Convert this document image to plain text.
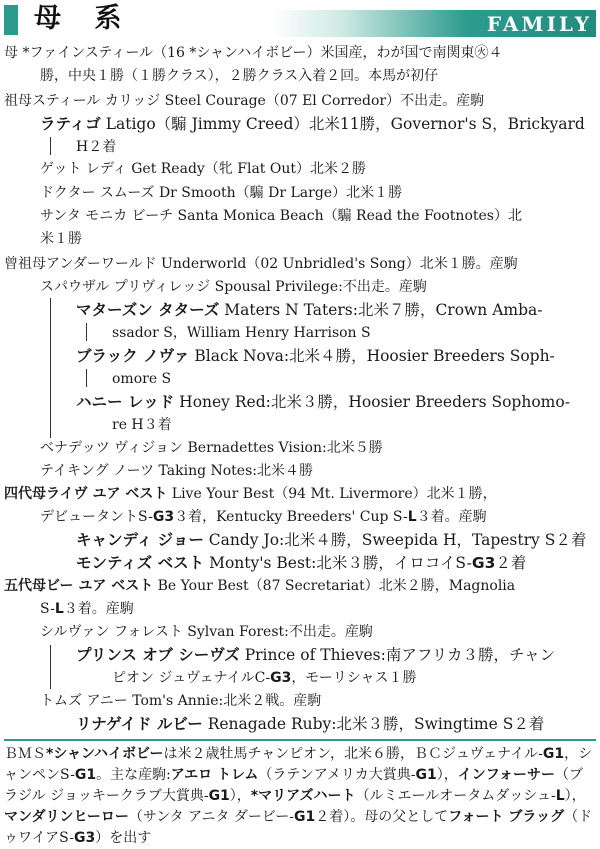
母 系	FAMILY
母 *ファインスティール（16 *シャンハイボビー）米国産，わが国で南関東㊋４
勝，中央１勝（１勝クラス），２勝クラス入着２回。本馬が初仔
祖母スティール カリッジ Steel Courage（07 El Corredor）不出走。産駒
ラティゴ Latigo（騸 Jimmy Creed）北米11勝，Governor's S，Brickyard
H２着
ゲット レディ Get Ready（牝 Flat Out）北米２勝
ドクター スムーズ Dr Smooth（騸 Dr Large）北米１勝
サンタ モニカ ビーチ Santa Monica Beach（騸 Read the Footnotes）北
米１勝
曾祖母アンダーワールド Underworld（02 Unbridled's Song）北米１勝。産駒
スパウザル プリヴィレッジ Spousal Privilege:不出走。産駒
マターズン タターズ Maters N Taters:北米７勝，Crown Amba-
ssador S，William Henry Harrison S
ブラック ノヴァ Black Nova:北米４勝，Hoosier Breeders Soph-
omore S
ハニー レッド Honey Red:北米３勝，Hoosier Breeders Sophomo-
re H３着
ベナデッツ ヴィジョン Bernadettes Vision:北米５勝
テイキング ノーツ Taking Notes:北米４勝
四代母ライヴ ユア ベスト Live Your Best（94 Mt. Livermore）北米１勝，
デビュータントS-G3３着，Kentucky Breeders' Cup S-L３着。産駒
キャンディ ジョー Candy Jo:北米４勝，Sweepida H，Tapestry S２着
モンティズ ベスト Monty's Best:北米３勝，イロコイS-G3２着
五代母ビー ユア ベスト Be Your Best（87 Secretariat）北米２勝，Magnolia
S-L３着。産駒
シルヴァン フォレスト Sylvan Forest:不出走。産駒
プリンス オブ シーヴズ Prince of Thieves:南アフリカ３勝，チャン
ピオン ジュヴェナイルC-G3，モーリシャス１勝
トムズ アニー Tom's Annie:北米２戦。産駒
リナゲイド ルビー Renagade Ruby:北米３勝，Swingtime S２着
ＢＭＳ*シャンハイボビーは米２歳牡馬チャンピオン，北米６勝，ＢＣジュヴェナイル-G1，シャンペンS-G1。主な産駒:アエロ トレム（ラテンアメリカ大賞典-G1），インフォーサー（ブラジル ジョッキークラブ大賞典-G1），*マリアズハート（ルミエールオータムダッシュ-L），マンダリンヒーロー（サンタ アニタ ダービー-G1２着）。母の父としてフォート ブラッグ（ドゥワイアS-G3）を出す
